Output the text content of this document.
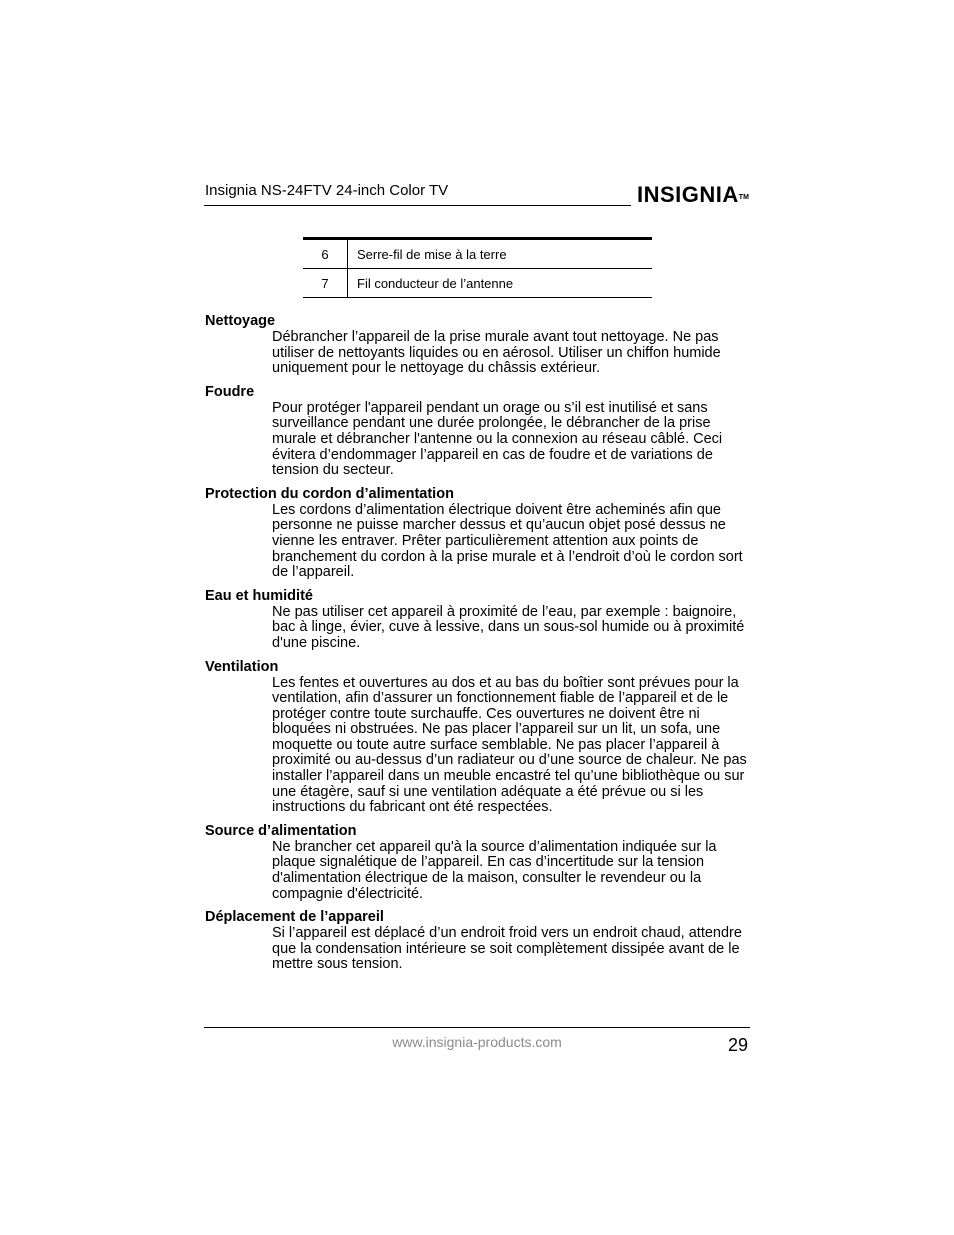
Insignia NS-24FTV 24-inch Color TV	INSIGNIA™
6	Serre-fil de mise à la terre
7	Fil conducteur de l’antenne
Nettoyage

Débrancher l’appareil de la prise murale avant tout nettoyage. Ne pas utiliser de nettoyants liquides ou en aérosol. Utiliser un chiffon humide uniquement pour le nettoyage du châssis extérieur.

Foudre

Pour protéger l'appareil pendant un orage ou s’il est inutilisé et sans surveillance pendant une durée prolongée, le débrancher de la prise murale et débrancher l'antenne ou la connexion au réseau câblé. Ceci évitera d’endommager l’appareil en cas de foudre et de variations de tension du secteur.

Protection du cordon d’alimentation

Les cordons d’alimentation électrique doivent être acheminés afin que personne ne puisse marcher dessus et qu’aucun objet posé dessus ne vienne les entraver. Prêter particulièrement attention aux points de branchement du cordon à la prise murale et à l’endroit d’où le cordon sort de l’appareil.

Eau et humidité

Ne pas utiliser cet appareil à proximité de l’eau, par exemple : baignoire, bac à linge, évier, cuve à lessive, dans un sous-sol humide ou à proximité d'une piscine.

Ventilation

Les fentes et ouvertures au dos et au bas du boîtier sont prévues pour la ventilation, afin d’assurer un fonctionnement fiable de l’appareil et de le protéger contre toute surchauffe. Ces ouvertures ne doivent être ni bloquées ni obstruées. Ne pas placer l’appareil sur un lit, un sofa, une moquette ou toute autre surface semblable. Ne pas placer l’appareil à proximité ou au-dessus d’un radiateur ou d’une source de chaleur. Ne pas installer l’appareil dans un meuble encastré tel qu’une bibliothèque ou sur une étagère, sauf si une ventilation adéquate a été prévue ou si les instructions du fabricant ont été respectées.

Source d’alimentation

Ne brancher cet appareil qu'à la source d’alimentation indiquée sur la plaque signalétique de l’appareil. En cas d’incertitude sur la tension d'alimentation électrique de la maison, consulter le revendeur ou la compagnie d'électricité.

Déplacement de l’appareil

Si l’appareil est déplacé d’un endroit froid vers un endroit chaud, attendre que la condensation intérieure se soit complètement dissipée avant de le mettre sous tension.

www.insignia-products.com	29
